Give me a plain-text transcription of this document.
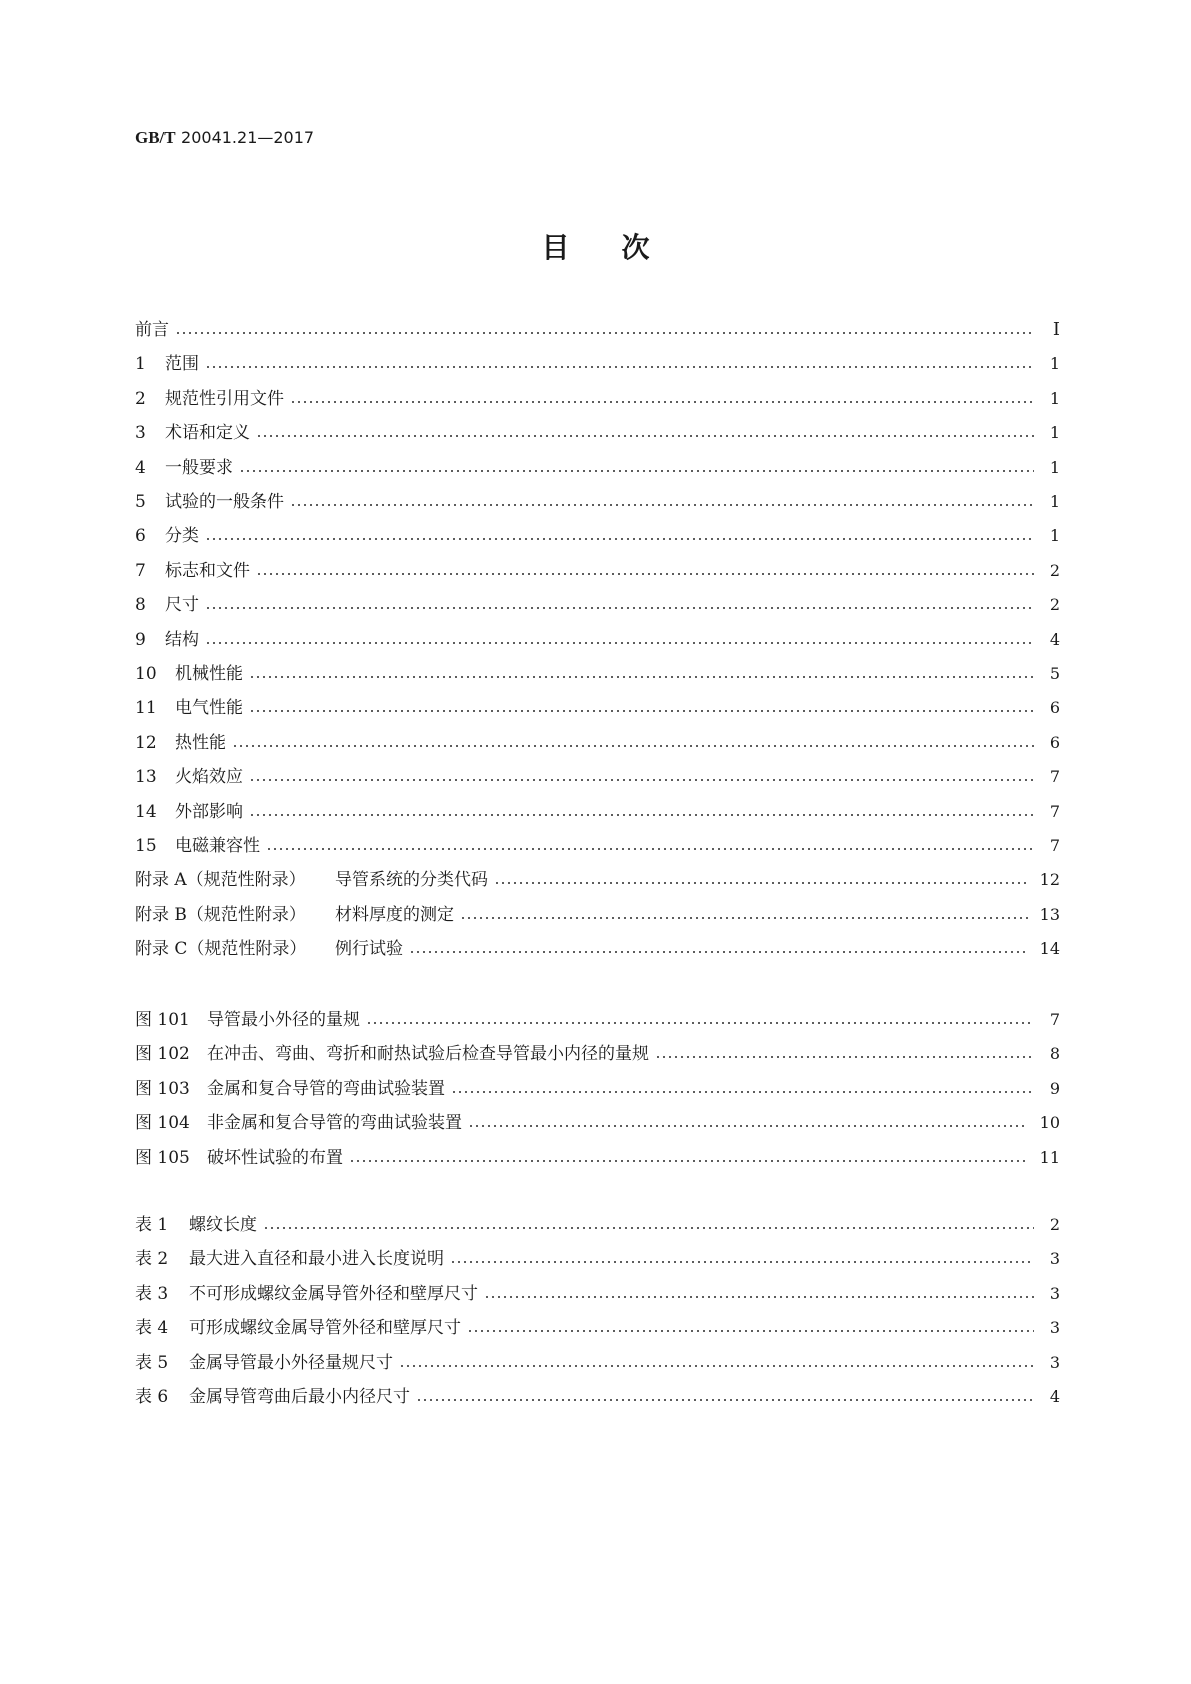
GB/T 20041.21—2017
目次
前言	Ⅰ
1	范围	1
2	规范性引用文件	1
3	术语和定义	1
4	一般要求	1
5	试验的一般条件	1
6	分类	1
7	标志和文件	2
8	尺寸	2
9	结构	4
10	机械性能	5
11	电气性能	6
12	热性能	6
13	火焰效应	7
14	外部影响	7
15	电磁兼容性	7
附录 A（规范性附录）	导管系统的分类代码	12
附录 B（规范性附录）	材料厚度的测定	13
附录 C（规范性附录）	例行试验	14
图 101	导管最小外径的量规	7
图 102	在冲击、弯曲、弯折和耐热试验后检查导管最小内径的量规	8
图 103	金属和复合导管的弯曲试验装置	9
图 104	非金属和复合导管的弯曲试验装置	10
图 105	破坏性试验的布置	11
表 1	螺纹长度	2
表 2	最大进入直径和最小进入长度说明	3
表 3	不可形成螺纹金属导管外径和壁厚尺寸	3
表 4	可形成螺纹金属导管外径和壁厚尺寸	3
表 5	金属导管最小外径量规尺寸	3
表 6	金属导管弯曲后最小内径尺寸	4
